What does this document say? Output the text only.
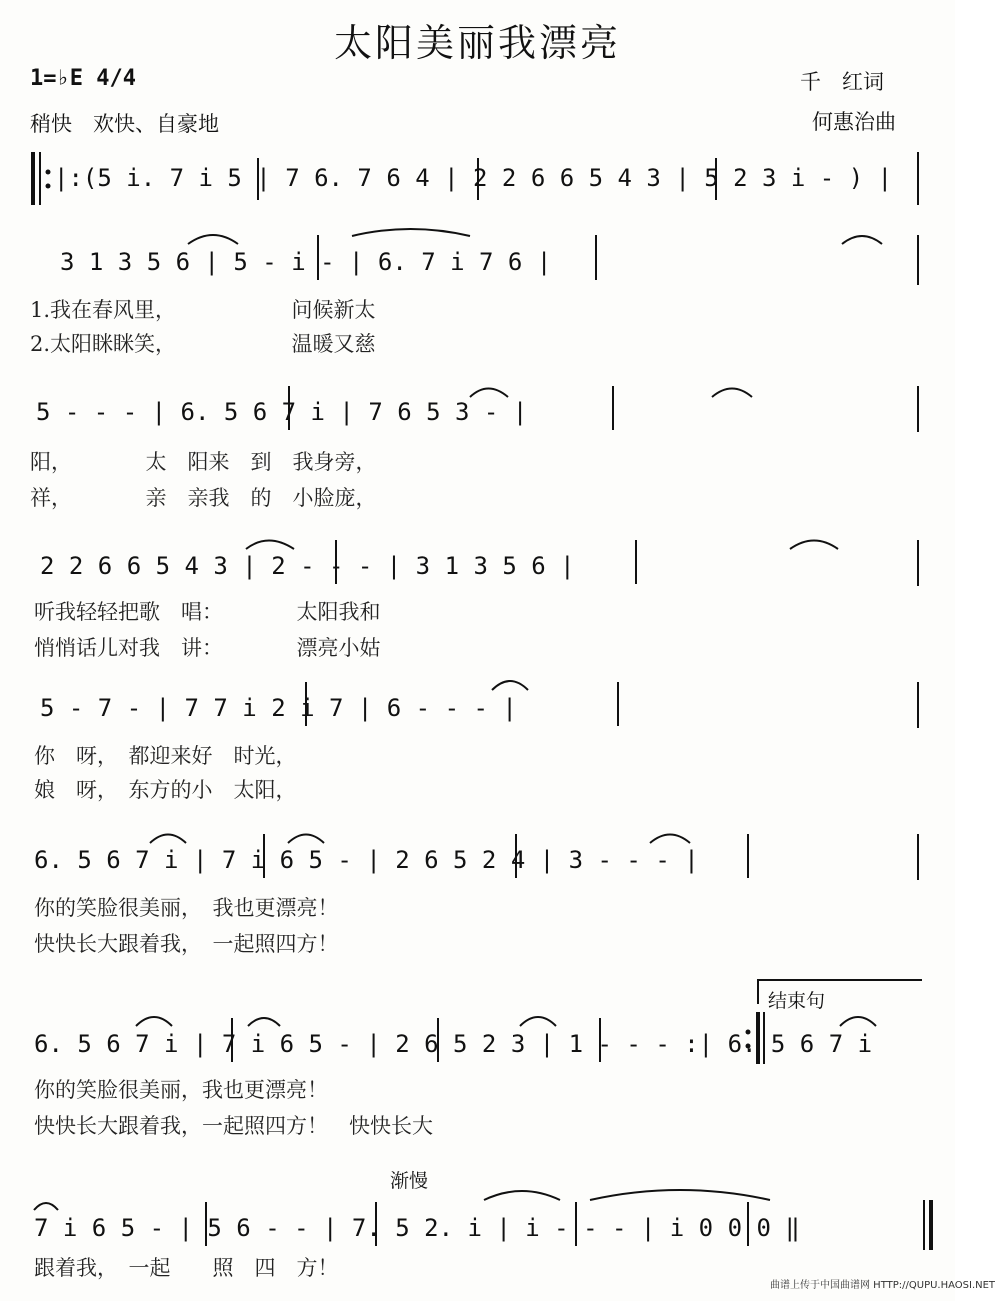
太阳美丽我漂亮
1=♭E 4/4
稍快　欢快、自豪地
千　红词
何惠治曲
|:(5 i. 7 i 5 | 7 6. 7 6 4 | 2 2 6 6 5 4 3 | 5 2 3 i - ) |
3 1 3 5 6 | 5 - i - | 6. 7 i 7 6 |
1.我在春风里，　　　　　　问候新太
2.太阳眯眯笑，　　　　　　温暖又慈
5 - - - | 6. 5 6 7 i | 7 6 5 3 - |
阳，　　　　太　阳来　到　我身旁，
祥，　　　　亲　亲我　的　小脸庞，
2 2 6 6 5 4 3 | 2 - - - | 3 1 3 5 6 |
听我轻轻把歌　唱：　　　　太阳我和
悄悄话儿对我　讲：　　　　漂亮小姑
5 - 7 - | 7 7 i 2 i 7 | 6 - - - |
你　呀，　都迎来好　时光，
娘　呀，　东方的小　太阳，
6. 5 6 7 i | 7 i 6 5 - | 2 6 5 2 4 | 3 - - - |
你的笑脸很美丽，　我也更漂亮！
快快长大跟着我，　一起照四方！
结束句
6. 5 6 7 i | 7 i 6 5 - | 2 6 5 2 3 | 1 - - - :| 6. 5 6 7 i
你的笑脸很美丽，我也更漂亮！
快快长大跟着我，一起照四方！　快快长大
渐慢
7 i 6 5 - | 5 6 - - | 7. 5 2. i | i - - - | i 0 0 0 ‖
跟着我，　一起　　照　四　方！
曲谱上传于中国曲谱网 HTTP://QUPU.HAOSI.NET
